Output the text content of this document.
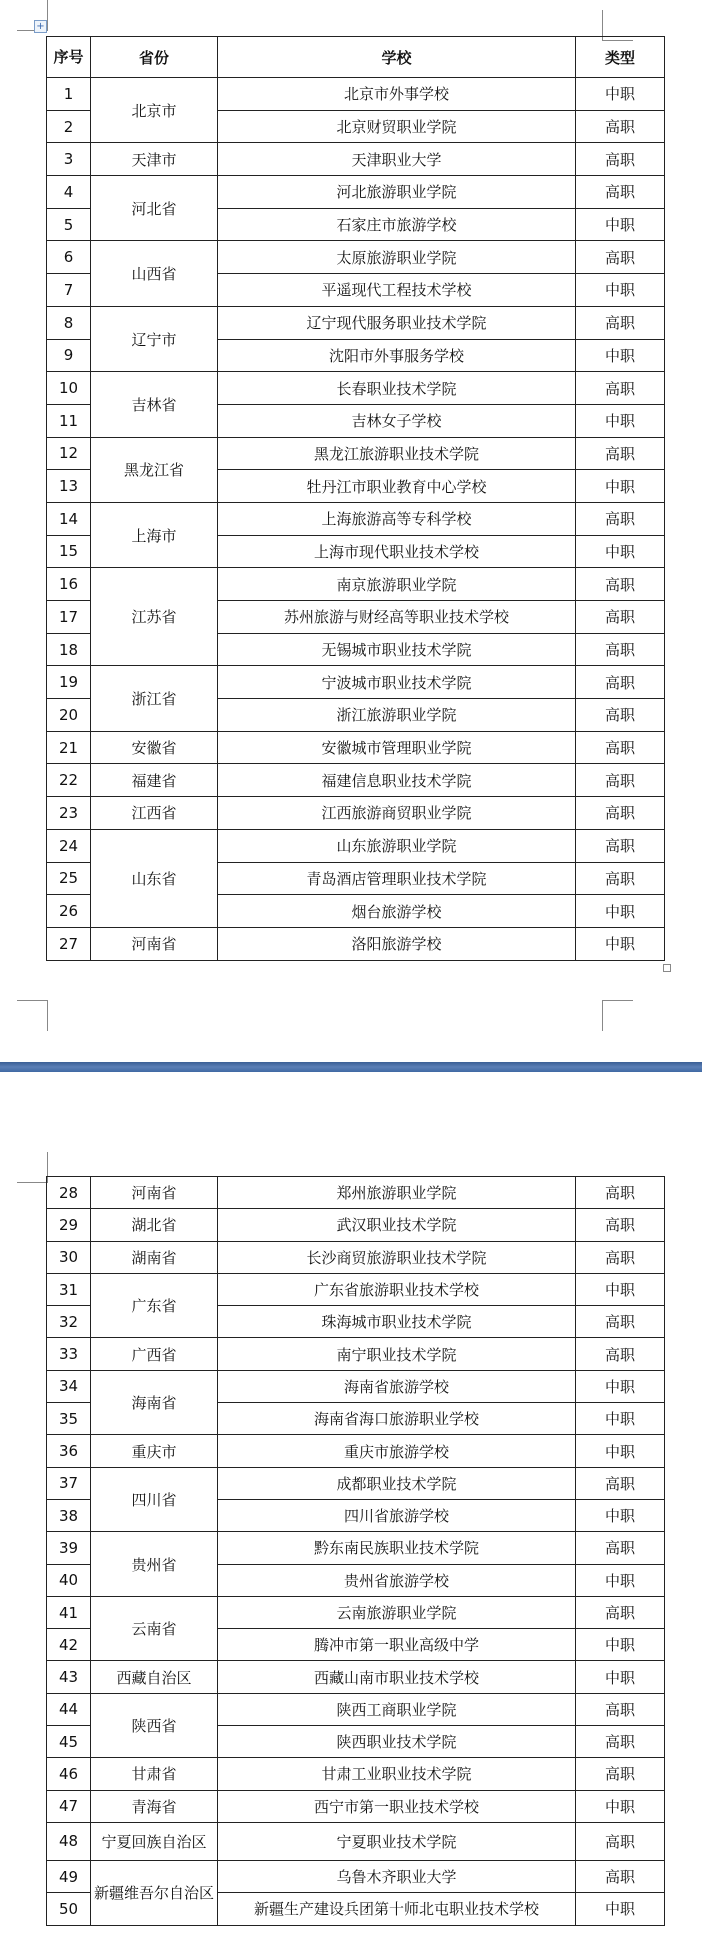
+
序号	省份	学校	类型
1	北京市	北京市外事学校	中职
2		北京财贸职业学院	高职
3	天津市	天津职业大学	高职
4	河北省	河北旅游职业学院	高职
5		石家庄市旅游学校	中职
6	山西省	太原旅游职业学院	高职
7		平遥现代工程技术学校	中职
8	辽宁市	辽宁现代服务职业技术学院	高职
9		沈阳市外事服务学校	中职
10	吉林省	长春职业技术学院	高职
11		吉林女子学校	中职
12	黑龙江省	黑龙江旅游职业技术学院	高职
13		牡丹江市职业教育中心学校	中职
14	上海市	上海旅游高等专科学校	高职
15		上海市现代职业技术学校	中职
16	江苏省	南京旅游职业学院	高职
17		苏州旅游与财经高等职业技术学校	高职
18		无锡城市职业技术学院	高职
19	浙江省	宁波城市职业技术学院	高职
20		浙江旅游职业学院	高职
21	安徽省	安徽城市管理职业学院	高职
22	福建省	福建信息职业技术学院	高职
23	江西省	江西旅游商贸职业学院	高职
24	山东省	山东旅游职业学院	高职
25		青岛酒店管理职业技术学院	高职
26		烟台旅游学校	中职
27	河南省	洛阳旅游学校	中职
28	河南省	郑州旅游职业学院	高职
29	湖北省	武汉职业技术学院	高职
30	湖南省	长沙商贸旅游职业技术学院	高职
31	广东省	广东省旅游职业技术学校	中职
32		珠海城市职业技术学院	高职
33	广西省	南宁职业技术学院	高职
34	海南省	海南省旅游学校	中职
35		海南省海口旅游职业学校	中职
36	重庆市	重庆市旅游学校	中职
37	四川省	成都职业技术学院	高职
38		四川省旅游学校	中职
39	贵州省	黔东南民族职业技术学院	高职
40		贵州省旅游学校	中职
41	云南省	云南旅游职业学院	高职
42		腾冲市第一职业高级中学	中职
43	西藏自治区	西藏山南市职业技术学校	中职
44	陕西省	陕西工商职业学院	高职
45		陕西职业技术学院	高职
46	甘肃省	甘肃工业职业技术学院	高职
47	青海省	西宁市第一职业技术学校	中职
48	宁夏回族自治区	宁夏职业技术学院	高职
49	新疆维吾尔自治区	乌鲁木齐职业大学	高职
50		新疆生产建设兵团第十师北屯职业技术学校	中职
